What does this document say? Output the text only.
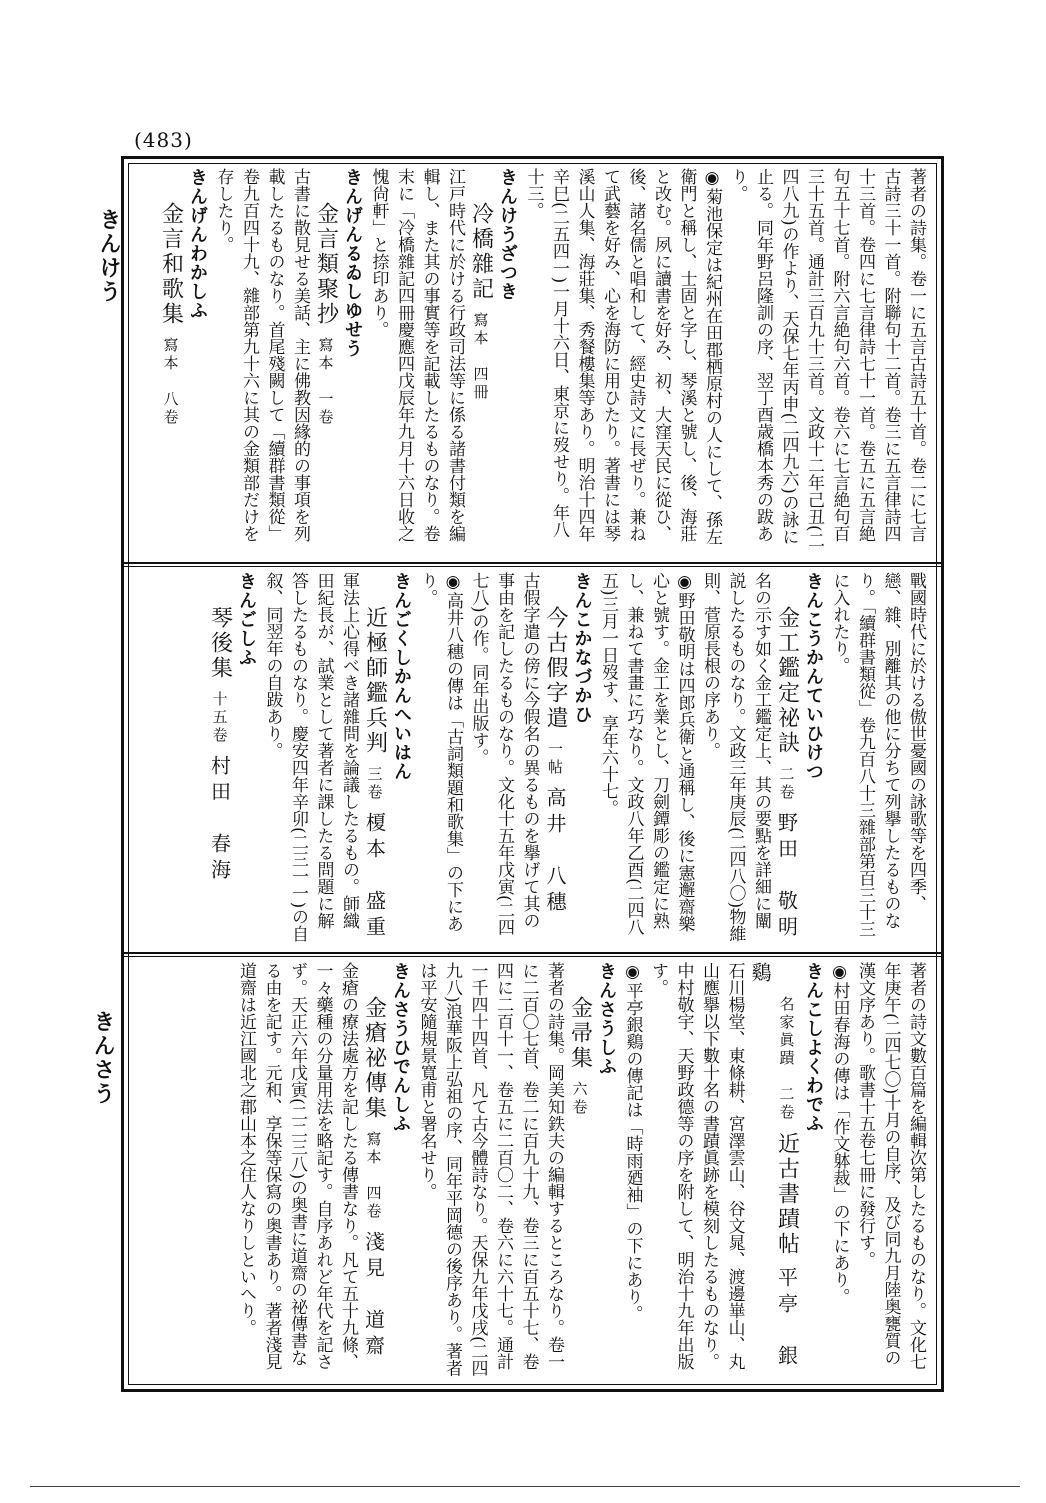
(483)
きんけう
きんさう
著者の詩集。卷一に五言古詩五十首。卷二に七言古詩三十一首。附聯句十二首。卷三に五言律詩四十三首。卷四に七言律詩七十一首。卷五に五言絶句五十七首。附六言絶句六首。卷六に七言絶句百三十五首。通計三百九十三首。文政十二年己丑(二四八九)の作より、天保七年丙申(二四九六)の詠に止る。同年野呂隆訓の序、翌丁酉歳橋本秀の跋あり。
◉菊池保定は紀州在田郡栖原村の人にして、孫左衛門と稱し、士固と字し、琴溪と號し、後、海莊と改む。夙に讀書を好み、初、大窪天民に從ひ、後、諸名儒と唱和して、經史詩文に長ぜり。兼ねて武藝を好み、心を海防に用ひたり。著書には琴溪山人集、海莊集、秀餐樓集等あり。明治十四年辛巳(二五四一)一月十六日、東京に歿せり。年八十三。
きんけうざつき
冷橋雜記 寫本　四冊
江戸時代に於ける行政司法等に係る諸書付類を編輯し、また其の事實等を記載したるものなり。卷末に「冷橋雜記四冊慶應四戊辰年九月十六日收之愧尙軒」と捺印あり。
きんげんるゐしゆせう
金言類聚抄 寫本　一卷
古書に散見せる美話、主に佛教因緣的の事項を列載したるものなり。首尾殘闕して「續群書類從」卷九百四十九、雜部第九十六に其の金類部だけを存したり。
きんげんわかしふ
金言和歌集 寫本　八卷
戰國時代に於ける傲世憂國の詠歌等を四季、戀、雜、別離其の他に分ちて列擧したるものなり。「續群書類從」卷九百八十三雜部第百三十三に入れたり。
きんこうかんていひけつ
金工鑑定祕訣 二卷 野田　敬明
名の示す如く金工鑑定上、其の要點を詳細に闡説したるものなり。文政三年庚辰(二四八〇)物維則、菅原長根の序あり。
◉野田敬明は四郎兵衛と通稱し、後に憲邂齋樂心と號す。金工を業とし、刀劍鐔彫の鑑定に熟し、兼ねて書畫に巧なり。文政八年乙酉(二四八五)三月一日歿す、享年六十七。
きんこかなづかひ
今古假字遣 一帖 高井　八穗
古假字遣の傍に今假名の異るものを擧げて其の事由を記したるものなり。文化十五年戊寅(二四七八)の作。同年出版す。
◉高井八穗の傳は「古詞類題和歌集」の下にあり。
きんごくしかんへいはん
近極師鑑兵判 三卷 榎本　盛重
軍法上心得べき諸雜問を論議したるもの。師織田紀長が、試業として著者に課したる問題に解答したるものなり。慶安四年辛卯(二三一一)の自叙、同翌年の自跋あり。
きんごしふ
琴後集 十五卷 村田　春海
著者の詩文數百篇を編輯次第したるものなり。文化七年庚午(二四七〇)十月の自序、及び同九月陸奥甕質の漢文序あり。歌書十五卷七冊に發行す。
◉村田春海の傳は「作文躰裁」の下にあり。
きんこしよくわでふ
名家眞蹟　二卷 近古書蹟帖 平亭　銀鷄
石川楊堂、東條耕、宮澤雲山、谷文晁、渡邊崋山、丸山應擧以下數十名の書蹟眞跡を模刻したるものなり。中村敬宇、天野政德等の序を附して、明治十九年出版す。
◉平亭銀鷄の傳記は「時雨廼袖」の下にあり。
きんさうしふ
金帚集 六卷
著者の詩集。岡美知鉄夫の編輯するところなり。卷一に二百〇七首、卷二に百九十九、卷三に百五十七、卷四に二百十一、卷五に二百〇二、卷六に六十七。通計一千四十四首、凡て古今體詩なり。天保九年戊戌(二四九八)浪華阪上弘祖の序、同年平岡德の後序あり。著者は平安隨規景寬甫と署名せり。
きんさうひでんしふ
金瘡祕傳集 寫本　四卷 淺見　道齋
金瘡の療法處方を記したる傳書なり。凡て五十九條、一々藥種の分量用法を略記す。自序あれど年代を記さず。天正六年戊寅(二二三八)の奥書に道齋の祕傳書なる由を記す。元和、享保等保寫の奥書あり。著者淺見道齋は近江國北之郡山本之住人なりしといへり。
